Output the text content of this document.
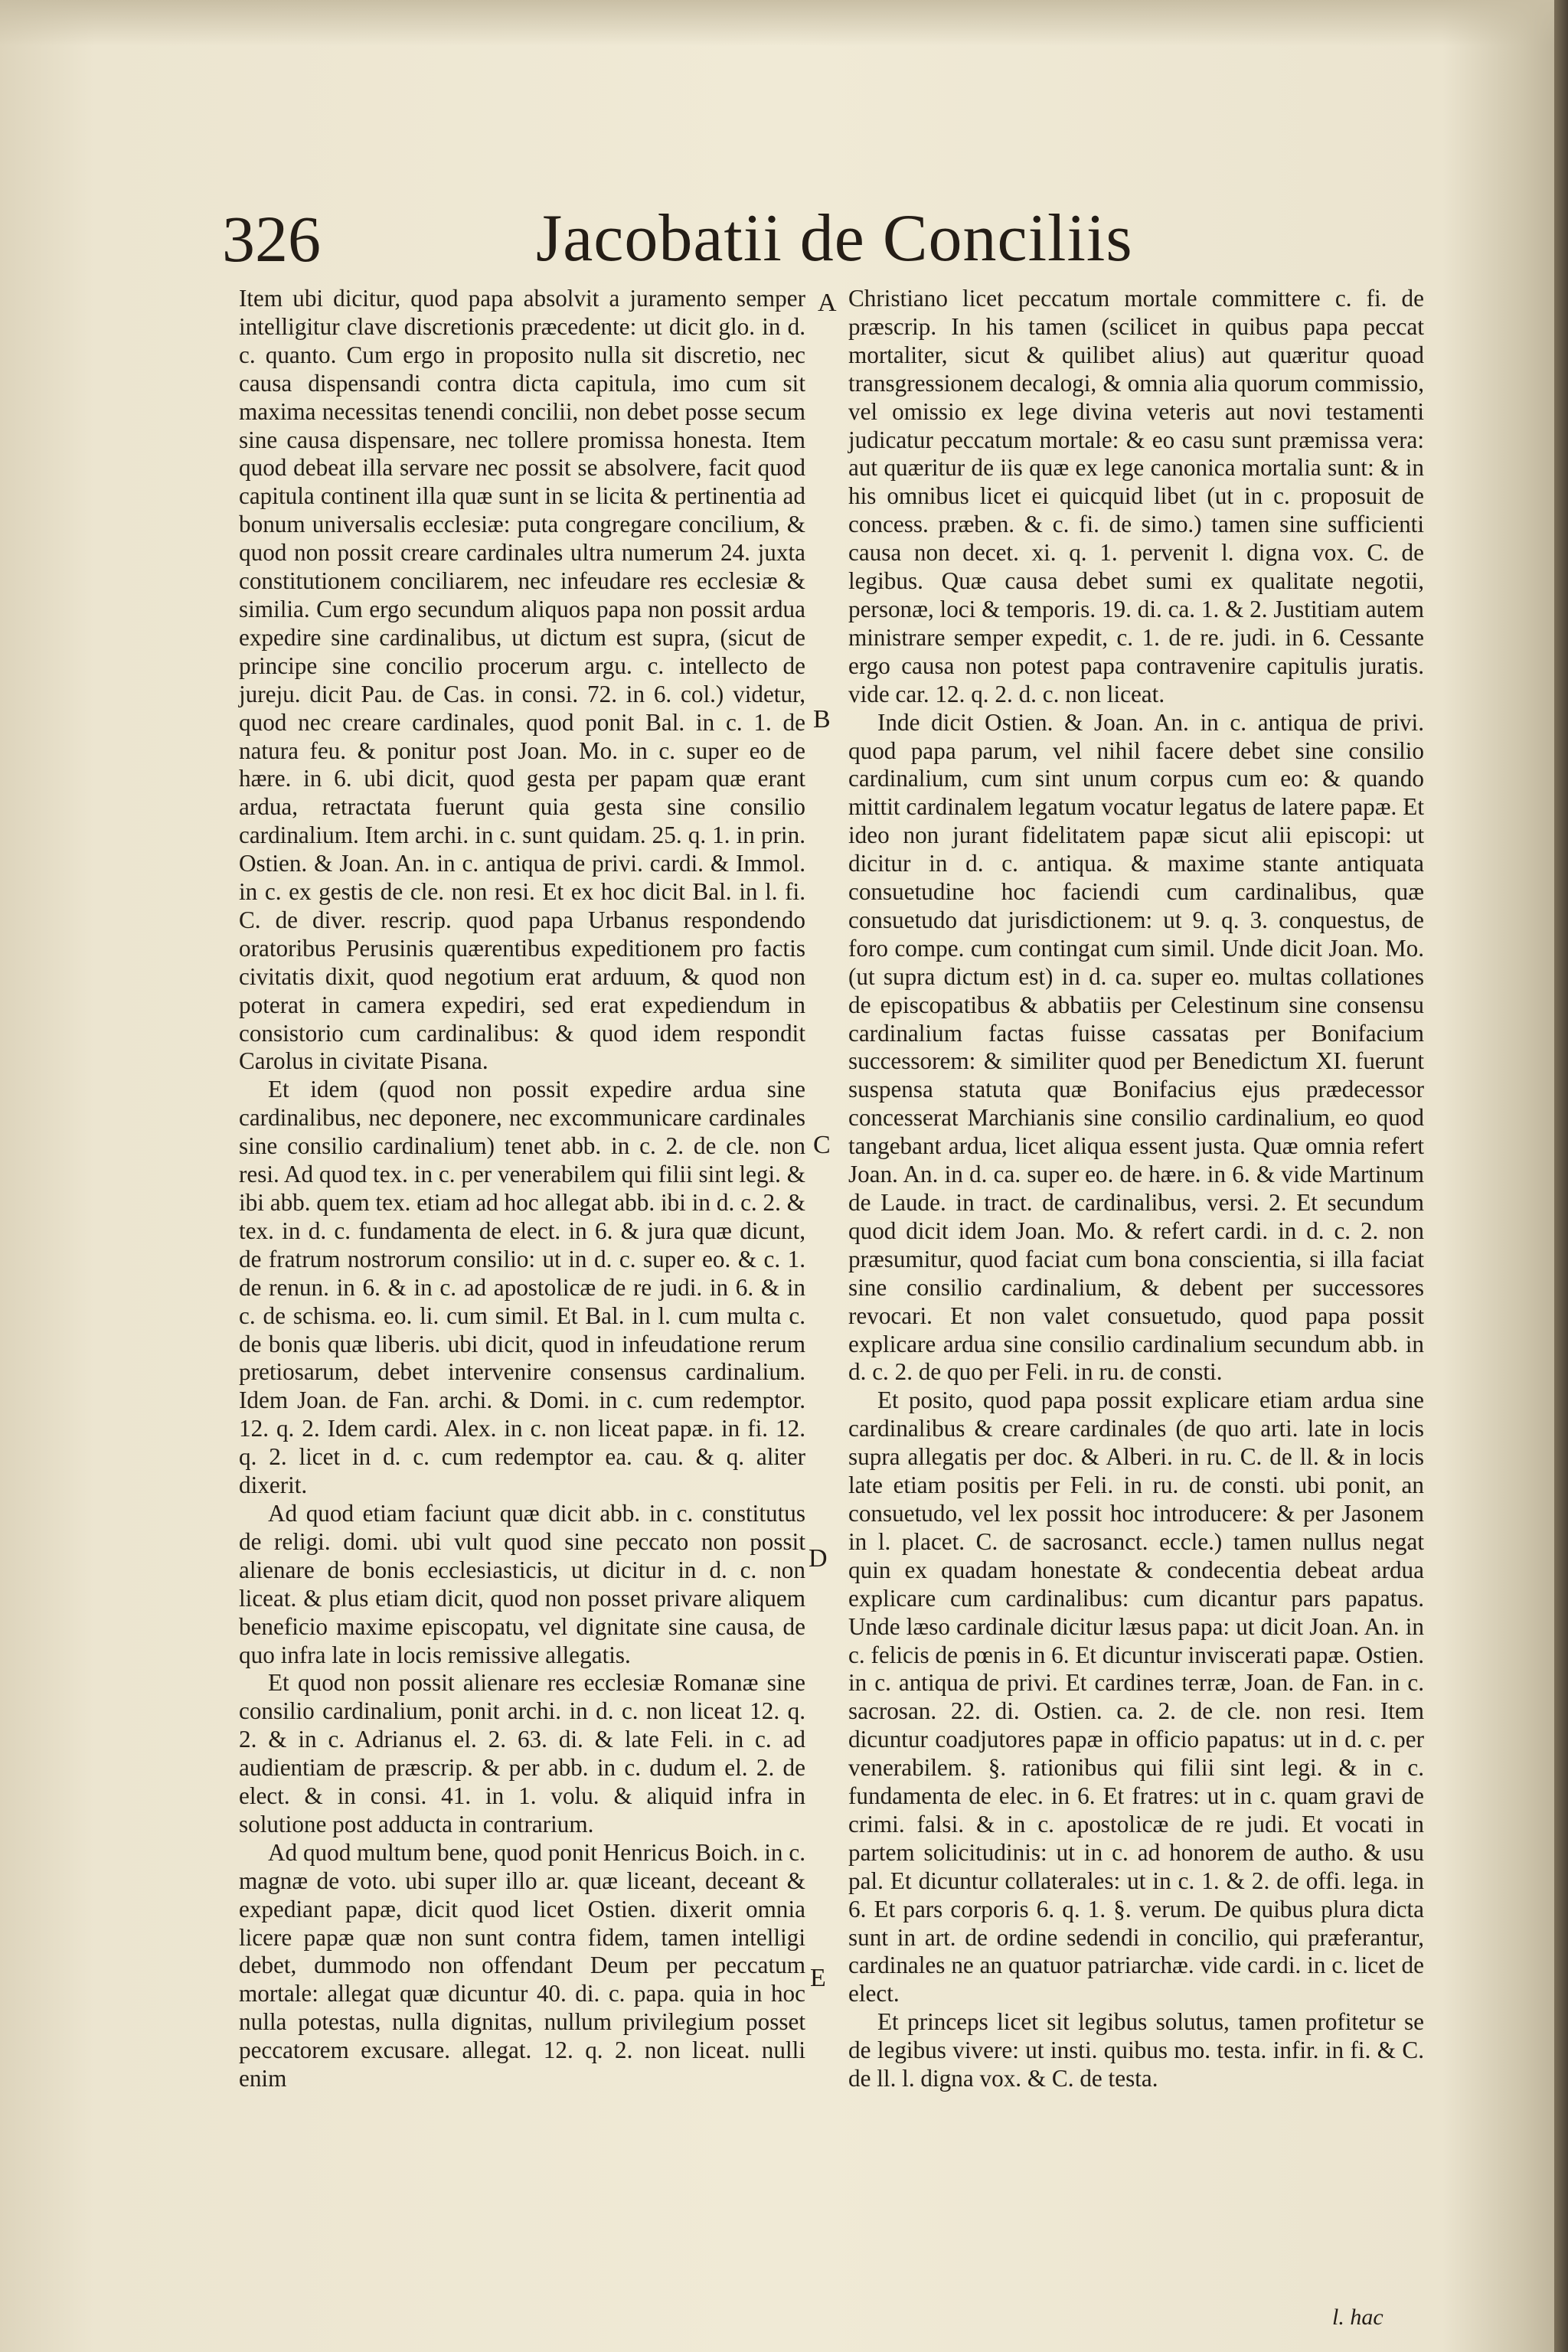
326	Jacobatii de Conciliis

Item ubi dicitur, quod papa absolvit a juramento semper intelligitur clave discretionis præcedente: ut dicit glo. in d. c. quanto. Cum ergo in proposito nulla sit discretio, nec causa dispensandi contra dicta capitula, imo cum sit maxima necessitas tenendi concilii, non debet posse secum sine causa dispensare, nec tollere promissa honesta. Item quod debeat illa servare nec possit se absolvere, facit quod capitula continent illa quæ sunt in se licita & pertinentia ad bonum universalis ecclesiæ: puta congregare concilium, & quod non possit creare cardinales ultra numerum 24. juxta constitutionem conciliarem, nec infeudare res ecclesiæ & similia. Cum ergo secundum aliquos papa non possit ardua expedire sine cardinalibus, ut dictum est supra, (sicut de principe sine concilio procerum argu. c. intellecto de jureju. dicit Pau. de Cas. in consi. 72. in 6. col.) videtur, quod nec creare cardinales, quod ponit Bal. in c. 1. de natura feu. & ponitur post Joan. Mo. in c. super eo de hære. in 6. ubi dicit, quod gesta per papam quæ erant ardua, retractata fuerunt quia gesta sine consilio cardinalium. Item archi. in c. sunt quidam. 25. q. 1. in prin. Ostien. & Joan. An. in c. antiqua de privi. cardi. & Immol. in c. ex gestis de cle. non resi. Et ex hoc dicit Bal. in l. fi. C. de diver. rescrip. quod papa Urbanus respondendo oratoribus Perusinis quærentibus expeditionem pro factis civitatis dixit, quod negotium erat arduum, & quod non poterat in camera expediri, sed erat expediendum in consistorio cum cardinalibus: & quod idem respondit Carolus in civitate Pisana.

Et idem (quod non possit expedire ardua sine cardinalibus, nec deponere, nec excommunicare cardinales sine consilio cardinalium) tenet abb. in c. 2. de cle. non resi. Ad quod tex. in c. per venerabilem qui filii sint legi. & ibi abb. quem tex. etiam ad hoc allegat abb. ibi in d. c. 2. & tex. in d. c. fundamenta de elect. in 6. & jura quæ dicunt, de fratrum nostrorum consilio: ut in d. c. super eo. & c. 1. de renun. in 6. & in c. ad apostolicæ de re judi. in 6. & in c. de schisma. eo. li. cum simil. Et Bal. in l. cum multa c. de bonis quæ liberis. ubi dicit, quod in infeudatione rerum pretiosarum, debet intervenire consensus cardinalium. Idem Joan. de Fan. archi. & Domi. in c. cum redemptor. 12. q. 2. Idem cardi. Alex. in c. non liceat papæ. in fi. 12. q. 2. licet in d. c. cum redemptor ea. cau. & q. aliter dixerit.

Ad quod etiam faciunt quæ dicit abb. in c. constitutus de religi. domi. ubi vult quod sine peccato non possit alienare de bonis ecclesiasticis, ut dicitur in d. c. non liceat. & plus etiam dicit, quod non posset privare aliquem beneficio maxime episcopatu, vel dignitate sine causa, de quo infra late in locis remissive allegatis.

Et quod non possit alienare res ecclesiæ Romanæ sine consilio cardinalium, ponit archi. in d. c. non liceat 12. q. 2. & in c. Adrianus el. 2. 63. di. & late Feli. in c. ad audientiam de præscrip. & per abb. in c. dudum el. 2. de elect. & in consi. 41. in 1. volu. & aliquid infra in solutione post adducta in contrarium.

Ad quod multum bene, quod ponit Henricus Boich. in c. magnæ de voto. ubi super illo ar. quæ liceant, deceant & expediant papæ, dicit quod licet Ostien. dixerit omnia licere papæ quæ non sunt contra fidem, tamen intelligi debet, dummodo non offendant Deum per peccatum mortale: allegat quæ dicuntur 40. di. c. papa. quia in hoc nulla potestas, nulla dignitas, nullum privilegium posset peccatorem excusare. allegat. 12. q. 2. non liceat. nulli enim

A
B
C
D
E

Christiano licet peccatum mortale committere c. fi. de præscrip. In his tamen (scilicet in quibus papa peccat mortaliter, sicut & quilibet alius) aut quæritur quoad transgressionem decalogi, & omnia alia quorum commissio, vel omissio ex lege divina veteris aut novi testamenti judicatur peccatum mortale: & eo casu sunt præmissa vera: aut quæritur de iis quæ ex lege canonica mortalia sunt: & in his omnibus licet ei quicquid libet (ut in c. proposuit de concess. præben. & c. fi. de simo.) tamen sine sufficienti causa non decet. xi. q. 1. pervenit l. digna vox. C. de legibus. Quæ causa debet sumi ex qualitate negotii, personæ, loci & temporis. 19. di. ca. 1. & 2. Justitiam autem ministrare semper expedit, c. 1. de re. judi. in 6. Cessante ergo causa non potest papa contravenire capitulis juratis. vide car. 12. q. 2. d. c. non liceat.

Inde dicit Ostien. & Joan. An. in c. antiqua de privi. quod papa parum, vel nihil facere debet sine consilio cardinalium, cum sint unum corpus cum eo: & quando mittit cardinalem legatum vocatur legatus de latere papæ. Et ideo non jurant fidelitatem papæ sicut alii episcopi: ut dicitur in d. c. antiqua. & maxime stante antiquata consuetudine hoc faciendi cum cardinalibus, quæ consuetudo dat jurisdictionem: ut 9. q. 3. conquestus, de foro compe. cum contingat cum simil. Unde dicit Joan. Mo. (ut supra dictum est) in d. ca. super eo. multas collationes de episcopatibus & abbatiis per Celestinum sine consensu cardinalium factas fuisse cassatas per Bonifacium successorem: & similiter quod per Benedictum XI. fuerunt suspensa statuta quæ Bonifacius ejus prædecessor concesserat Marchianis sine consilio cardinalium, eo quod tangebant ardua, licet aliqua essent justa. Quæ omnia refert Joan. An. in d. ca. super eo. de hære. in 6. & vide Martinum de Laude. in tract. de cardinalibus, versi. 2. Et secundum quod dicit idem Joan. Mo. & refert cardi. in d. c. 2. non præsumitur, quod faciat cum bona conscientia, si illa faciat sine consilio cardinalium, & debent per successores revocari. Et non valet consuetudo, quod papa possit explicare ardua sine consilio cardinalium secundum abb. in d. c. 2. de quo per Feli. in ru. de consti.

Et posito, quod papa possit explicare etiam ardua sine cardinalibus & creare cardinales (de quo arti. late in locis supra allegatis per doc. & Alberi. in ru. C. de ll. & in locis late etiam positis per Feli. in ru. de consti. ubi ponit, an consuetudo, vel lex possit hoc introducere: & per Jasonem in l. placet. C. de sacrosanct. eccle.) tamen nullus negat quin ex quadam honestate & condecentia debeat ardua explicare cum cardinalibus: cum dicantur pars papatus. Unde læso cardinale dicitur læsus papa: ut dicit Joan. An. in c. felicis de pœnis in 6. Et dicuntur inviscerati papæ. Ostien. in c. antiqua de privi. Et cardines terræ, Joan. de Fan. in c. sacrosan. 22. di. Ostien. ca. 2. de cle. non resi. Item dicuntur coadjutores papæ in officio papatus: ut in d. c. per venerabilem. §. rationibus qui filii sint legi. & in c. fundamenta de elec. in 6. Et fratres: ut in c. quam gravi de crimi. falsi. & in c. apostolicæ de re judi. Et vocati in partem solicitudinis: ut in c. ad honorem de autho. & usu pal. Et dicuntur collaterales: ut in c. 1. & 2. de offi. lega. in 6. Et pars corporis 6. q. 1. §. verum. De quibus plura dicta sunt in art. de ordine sedendi in concilio, qui præferantur, cardinales ne an quatuor patriarchæ. vide cardi. in c. licet de elect.

Et princeps licet sit legibus solutus, tamen profitetur se de legibus vivere: ut insti. quibus mo. testa. infir. in fi. & C. de ll. l. digna vox. & C. de testa.

l. hac
